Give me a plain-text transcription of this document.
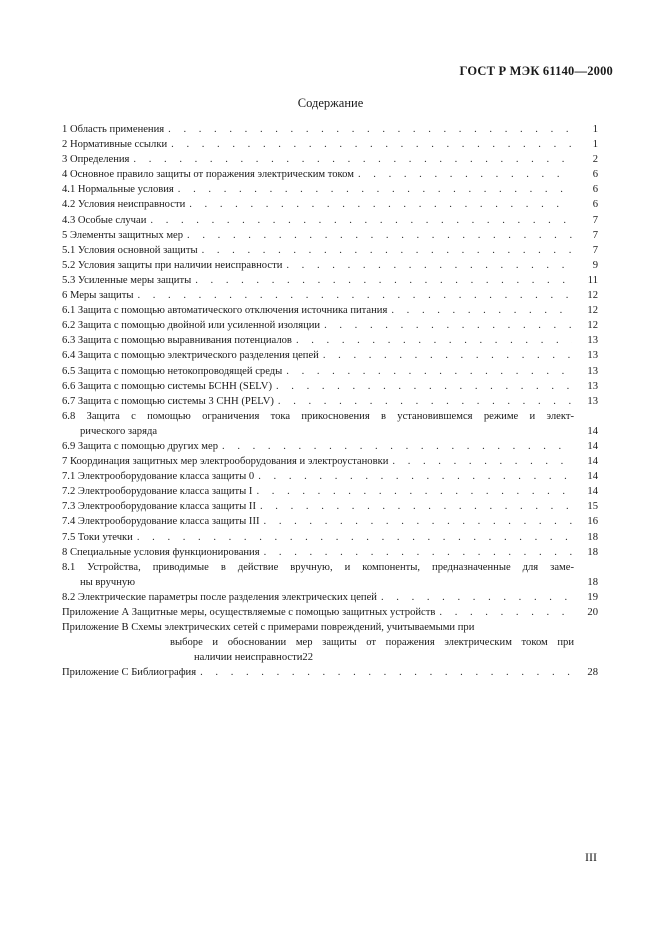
ГОСТ Р МЭК 61140—2000
Содержание
1 Область применения . . .	1
2 Нормативные ссылки . . .	1
3 Определения . . .	2
4 Основное правило защиты от поражения электрическим током . . .	6
4.1 Нормальные условия . . .	6
4.2 Условия неисправности . . .	6
4.3 Особые случаи . . .	7
5 Элементы защитных мер . . .	7
5.1 Условия основной защиты . . .	7
5.2 Условия защиты при наличии неисправности . . .	9
5.3 Усиленные меры защиты . . .	11
6 Меры защиты . . .	12
6.1 Защита с помощью автоматического отключения источника питания . . .	12
6.2 Защита с помощью двойной или усиленной изоляции . . .	12
6.3 Защита с помощью выравнивания потенциалов . . .	13
6.4 Защита с помощью электрического разделения цепей . . .	13
6.5 Защита с помощью нетокопроводящей среды . . .	13
6.6 Защита с помощью системы БСНН (SELV) . . .	13
6.7 Защита с помощью системы 3 СНН (PELV) . . .	13
6.8 Защита с помощью ограничения тока прикосновения в установившемся режиме и элект-
рического заряда	14
6.9 Защита с помощью других мер . . .	14
7 Координация защитных мер электрооборудования и электроустановки . . .	14
7.1 Электрооборудование класса защиты 0 . . .	14
7.2 Электрооборудование класса защиты I . . .	14
7.3 Электрооборудование класса защиты II . . .	15
7.4 Электрооборудование класса защиты III . . .	16
7.5 Токи утечки . . .	18
8 Специальные условия функционирования . . .	18
8.1 Устройства, приводимые в действие вручную, и компоненты, предназначенные для заме-
ны вручную	18
8.2 Электрические параметры после разделения электрических цепей . . .	19
Приложение А Защитные меры, осуществляемые с помощью защитных устройств . . .	20
Приложение В Схемы электрических сетей с примерами повреждений, учитываемыми при
выборе и обосновании мер защиты от поражения электрическим током при
наличии неисправности 22
Приложение С Библиография . . .	28
III
